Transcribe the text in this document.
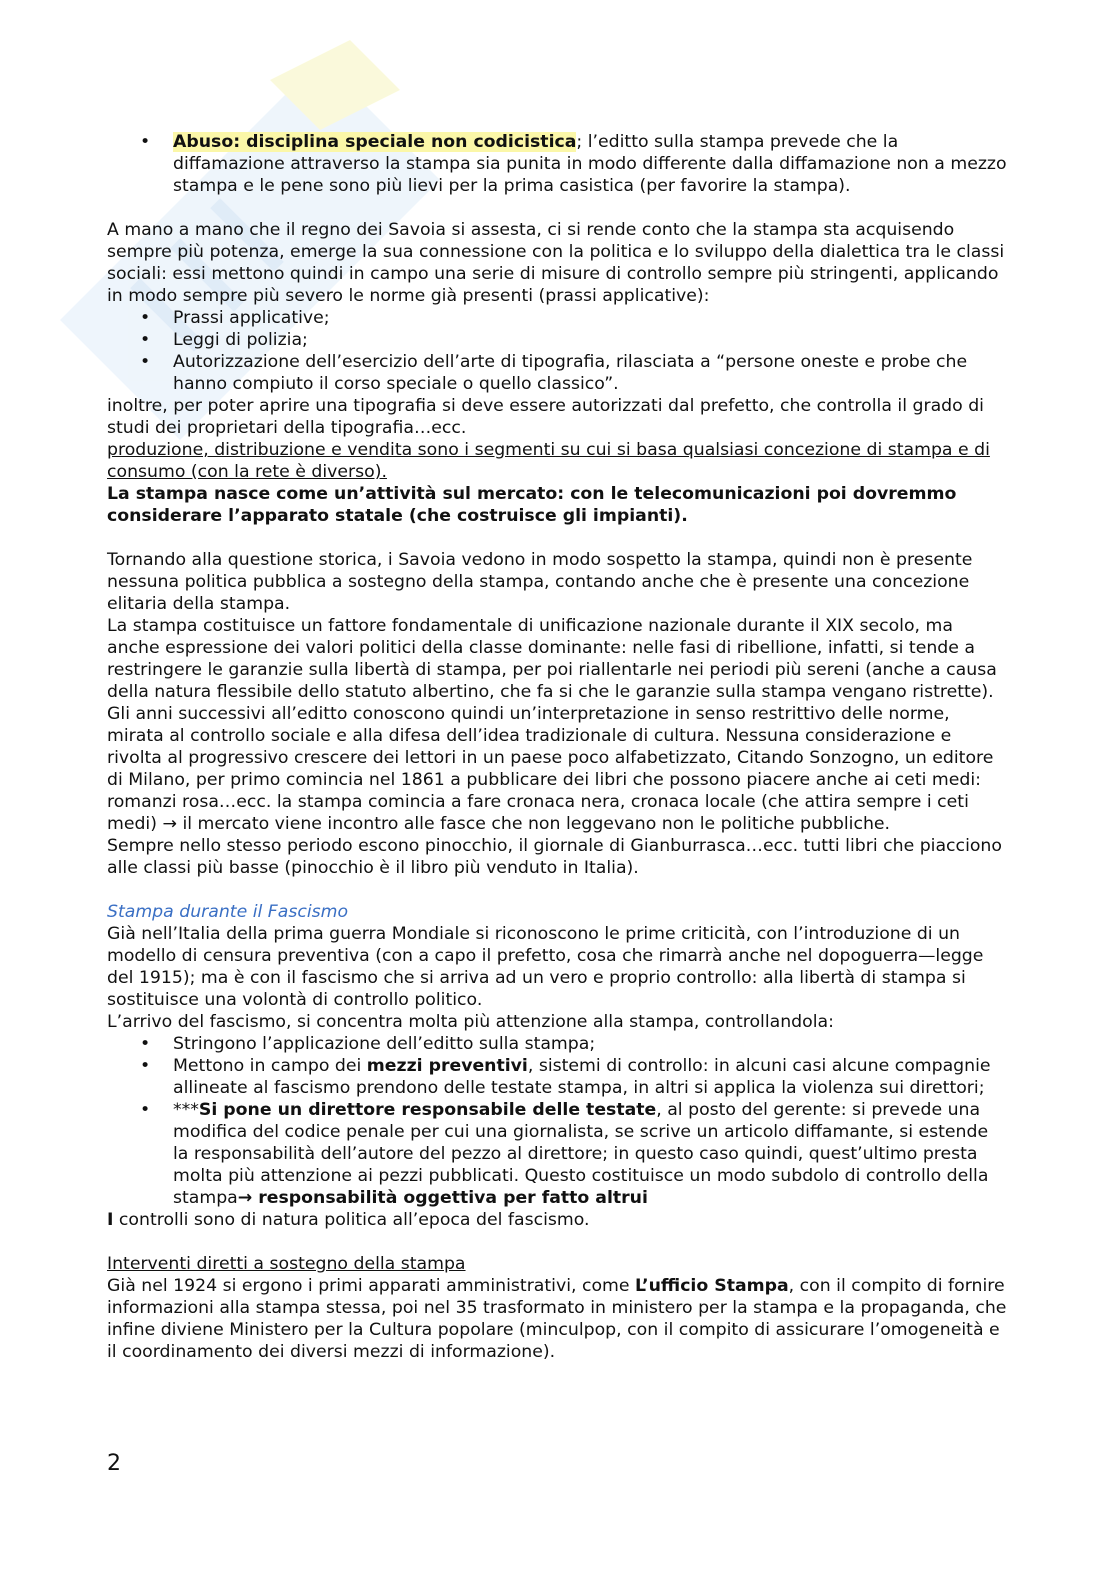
• Abuso: disciplina speciale non codicistica; l’editto sulla stampa prevede che la diffamazione attraverso la stampa sia punita in modo differente dalla diffamazione non a mezzo stampa e le pene sono più lievi per la prima casistica (per favorire la stampa).

A mano a mano che il regno dei Savoia si assesta, ci si rende conto che la stampa sta acquisendo sempre più potenza, emerge la sua connessione con la politica e lo sviluppo della dialettica tra le classi sociali: essi mettono quindi in campo una serie di misure di controllo sempre più stringenti, applicando in modo sempre più severo le norme già presenti (prassi applicative):

• Prassi applicative;
• Leggi di polizia;
• Autorizzazione dell’esercizio dell’arte di tipografia, rilasciata a “persone oneste e probe che hanno compiuto il corso speciale o quello classico”.

inoltre, per poter aprire una tipografia si deve essere autorizzati dal prefetto, che controlla il grado di studi dei proprietari della tipografia…ecc.

produzione, distribuzione e vendita sono i segmenti su cui si basa qualsiasi concezione di stampa e di consumo (con la rete è diverso).

La stampa nasce come un’attività sul mercato: con le telecomunicazioni poi dovremmo considerare l’apparato statale (che costruisce gli impianti).

Tornando alla questione storica, i Savoia vedono in modo sospetto la stampa, quindi non è presente nessuna politica pubblica a sostegno della stampa, contando anche che è presente una concezione elitaria della stampa.

La stampa costituisce un fattore fondamentale di unificazione nazionale durante il XIX secolo, ma anche espressione dei valori politici della classe dominante: nelle fasi di ribellione, infatti, si tende a restringere le garanzie sulla libertà di stampa, per poi riallentarle nei periodi più sereni (anche a causa della natura flessibile dello statuto albertino, che fa si che le garanzie sulla stampa vengano ristrette).

Gli anni successivi all’editto conoscono quindi un’interpretazione in senso restrittivo delle norme, mirata al controllo sociale e alla difesa dell’idea tradizionale di cultura. Nessuna considerazione e rivolta al progressivo crescere dei lettori in un paese poco alfabetizzato, Citando Sonzogno, un editore di Milano, per primo comincia nel 1861 a pubblicare dei libri che possono piacere anche ai ceti medi: romanzi rosa…ecc. la stampa comincia a fare cronaca nera, cronaca locale (che attira sempre i ceti medi) → il mercato viene incontro alle fasce che non leggevano non le politiche pubbliche.

Sempre nello stesso periodo escono pinocchio, il giornale di Gianburrasca…ecc. tutti libri che piacciono alle classi più basse (pinocchio è il libro più venduto in Italia).

Stampa durante il Fascismo

Già nell’Italia della prima guerra Mondiale si riconoscono le prime criticità, con l’introduzione di un modello di censura preventiva (con a capo il prefetto, cosa che rimarrà anche nel dopoguerra—legge del 1915); ma è con il fascismo che si arriva ad un vero e proprio controllo: alla libertà di stampa si sostituisce una volontà di controllo politico.

L’arrivo del fascismo, si concentra molta più attenzione alla stampa, controllandola:

• Stringono l’applicazione dell’editto sulla stampa;
• Mettono in campo dei mezzi preventivi, sistemi di controllo: in alcuni casi alcune compagnie allineate al fascismo prendono delle testate stampa, in altri si applica la violenza sui direttori;
• ***Si pone un direttore responsabile delle testate, al posto del gerente: si prevede una modifica del codice penale per cui una giornalista, se scrive un articolo diffamante, si estende la responsabilità dell’autore del pezzo al direttore; in questo caso quindi, quest’ultimo presta molta più attenzione ai pezzi pubblicati. Questo costituisce un modo subdolo di controllo della stampa→ responsabilità oggettiva per fatto altrui

I controlli sono di natura politica all’epoca del fascismo.

Interventi diretti a sostegno della stampa

Già nel 1924 si ergono i primi apparati amministrativi, come L’ufficio Stampa, con il compito di fornire informazioni alla stampa stessa, poi nel 35 trasformato in ministero per la stampa e la propaganda, che infine diviene Ministero per la Cultura popolare (minculpop, con il compito di assicurare l’omogeneità e il coordinamento dei diversi mezzi di informazione).

2
